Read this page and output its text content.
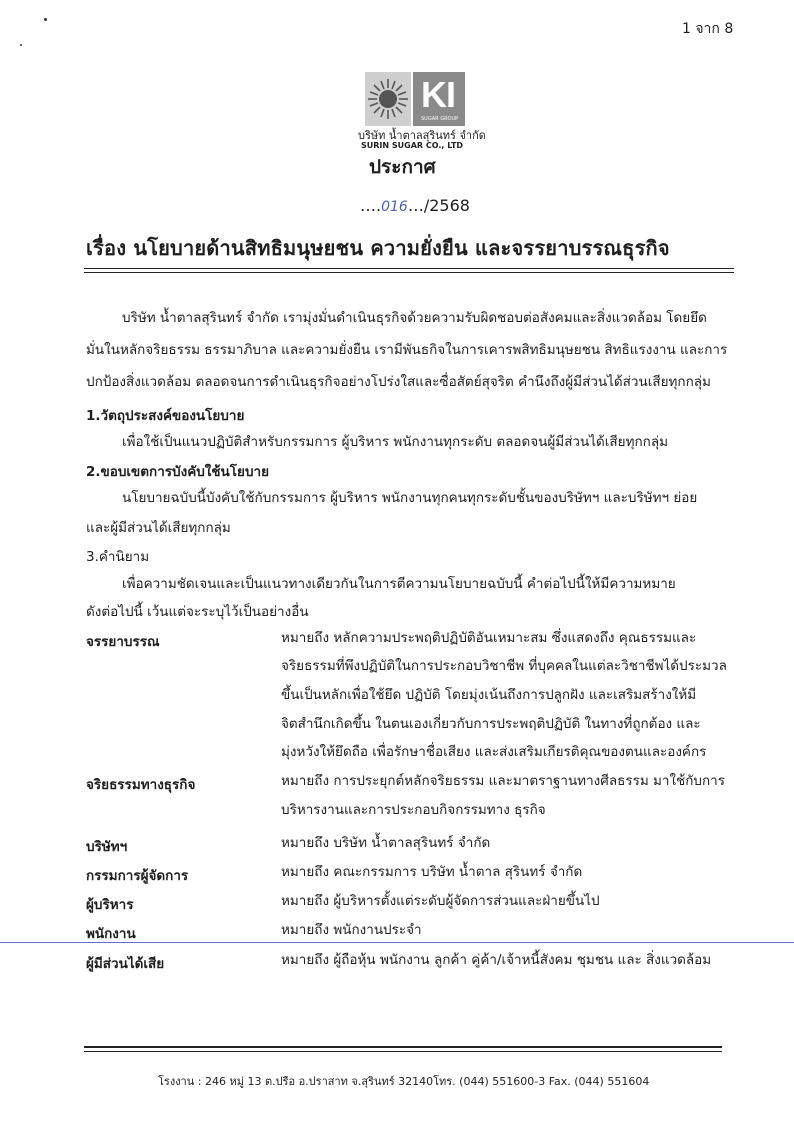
1 จาก 8
KI
SUGAR GROUP
บริษัท น้ำตาลสุรินทร์ จำกัด
SURIN SUGAR CO., LTD
ประกาศ
….016…/2568
เรื่อง นโยบายด้านสิทธิมนุษยชน ความยั่งยืน และจรรยาบรรณธุรกิจ
บริษัท น้ำตาลสุรินทร์ จำกัด เรามุ่งมั่นดำเนินธุรกิจด้วยความรับผิดชอบต่อสังคมและสิ่งแวดล้อม โดยยึด
มั่นในหลักจริยธรรม ธรรมาภิบาล และความยั่งยืน เรามีพันธกิจในการเคารพสิทธิมนุษยชน สิทธิแรงงาน และการ
ปกป้องสิ่งแวดล้อม ตลอดจนการดำเนินธุรกิจอย่างโปร่งใสและซื่อสัตย์สุจริต คำนึงถึงผู้มีส่วนได้ส่วนเสียทุกกลุ่ม
1.วัตถุประสงค์ของนโยบาย
เพื่อใช้เป็นแนวปฏิบัติสำหรับกรรมการ ผู้บริหาร พนักงานทุกระดับ ตลอดจนผู้มีส่วนได้เสียทุกกลุ่ม
2.ขอบเขตการบังคับใช้นโยบาย
นโยบายฉบับนี้บังคับใช้กับกรรมการ ผู้บริหาร พนักงานทุกคนทุกระดับชั้นของบริษัทฯ และบริษัทฯ ย่อย
และผู้มีส่วนได้เสียทุกกลุ่ม
3.คำนิยาม
เพื่อความชัดเจนและเป็นแนวทางเดียวกันในการตีความนโยบายฉบับนี้ คำต่อไปนี้ให้มีความหมาย
ดังต่อไปนี้ เว้นแต่จะระบุไว้เป็นอย่างอื่น
จรรยาบรรณ	หมายถึง หลักความประพฤติปฏิบัติอันเหมาะสม ซึ่งแสดงถึง คุณธรรมและ
จริยธรรมที่พึงปฏิบัติในการประกอบวิชาชีพ ที่บุคคลในแต่ละวิชาชีพได้ประมวล
ขึ้นเป็นหลักเพื่อใช้ยึด ปฏิบัติ โดยมุ่งเน้นถึงการปลูกฝัง และเสริมสร้างให้มี
จิตสำนึกเกิดขึ้น ในตนเองเกี่ยวกับการประพฤติปฏิบัติ ในทางที่ถูกต้อง และ
มุ่งหวังให้ยึดถือ เพื่อรักษาชื่อเสียง และส่งเสริมเกียรติคุณของตนและองค์กร
จริยธรรมทางธุรกิจ	หมายถึง การประยุกต์หลักจริยธรรม และมาตราฐานทางศีลธรรม มาใช้กับการ
บริหารงานและการประกอบกิจกรรมทาง ธุรกิจ
บริษัทฯ	หมายถึง บริษัท น้ำตาลสุรินทร์ จำกัด
กรรมการผู้จัดการ	หมายถึง คณะกรรมการ บริษัท น้ำตาล สุรินทร์ จำกัด
ผู้บริหาร	หมายถึง ผู้บริหารตั้งแต่ระดับผู้จัดการส่วนและฝ่ายขึ้นไป
พนักงาน	หมายถึง พนักงานประจำ
ผู้มีส่วนได้เสีย	หมายถึง ผู้ถือหุ้น พนักงาน ลูกค้า คู่ค้า/เจ้าหนี้สังคม ชุมชน และ สิ่งแวดล้อม
โรงงาน : 246 หมู่ 13 ต.ปรือ อ.ปราสาท จ.สุรินทร์ 32140โทร. (044) 551600-3 Fax. (044) 551604
